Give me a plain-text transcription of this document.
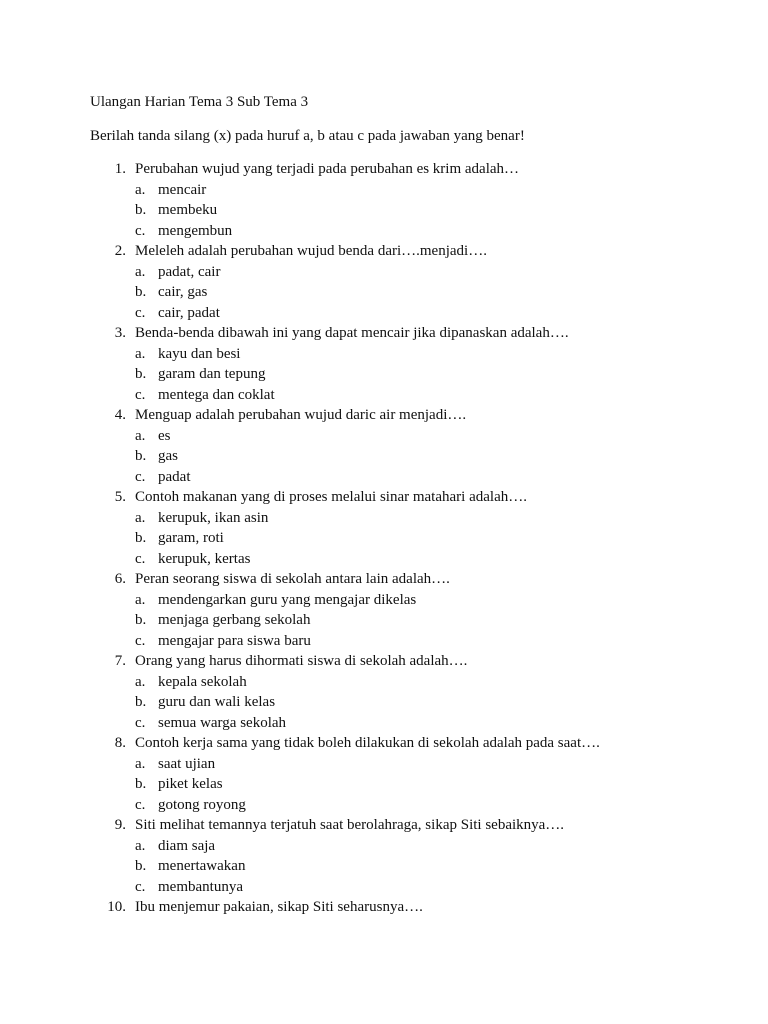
Ulangan Harian Tema 3 Sub Tema 3
Berilah tanda silang (x) pada huruf a, b atau c pada jawaban yang benar!
1. Perubahan wujud yang terjadi pada perubahan es krim adalah…
a. mencair
b. membeku
c. mengembun
2. Meleleh adalah perubahan wujud benda dari….menjadi….
a. padat, cair
b. cair, gas
c. cair, padat
3. Benda-benda dibawah ini yang dapat mencair jika dipanaskan adalah….
a. kayu dan besi
b. garam dan tepung
c. mentega dan coklat
4. Menguap adalah perubahan wujud daric air menjadi….
a. es
b. gas
c. padat
5. Contoh makanan yang di proses melalui sinar matahari adalah….
a. kerupuk, ikan asin
b. garam, roti
c. kerupuk, kertas
6. Peran seorang siswa di sekolah antara lain adalah….
a. mendengarkan guru yang mengajar dikelas
b. menjaga gerbang sekolah
c. mengajar para siswa baru
7. Orang yang harus dihormati siswa di sekolah adalah….
a. kepala sekolah
b. guru dan wali kelas
c. semua warga sekolah
8. Contoh kerja sama yang tidak boleh dilakukan di sekolah adalah pada saat….
a. saat ujian
b. piket kelas
c. gotong royong
9. Siti melihat temannya terjatuh saat berolahraga, sikap Siti sebaiknya….
a. diam saja
b. menertawakan
c. membantunya
10. Ibu menjemur pakaian, sikap Siti seharusnya….
